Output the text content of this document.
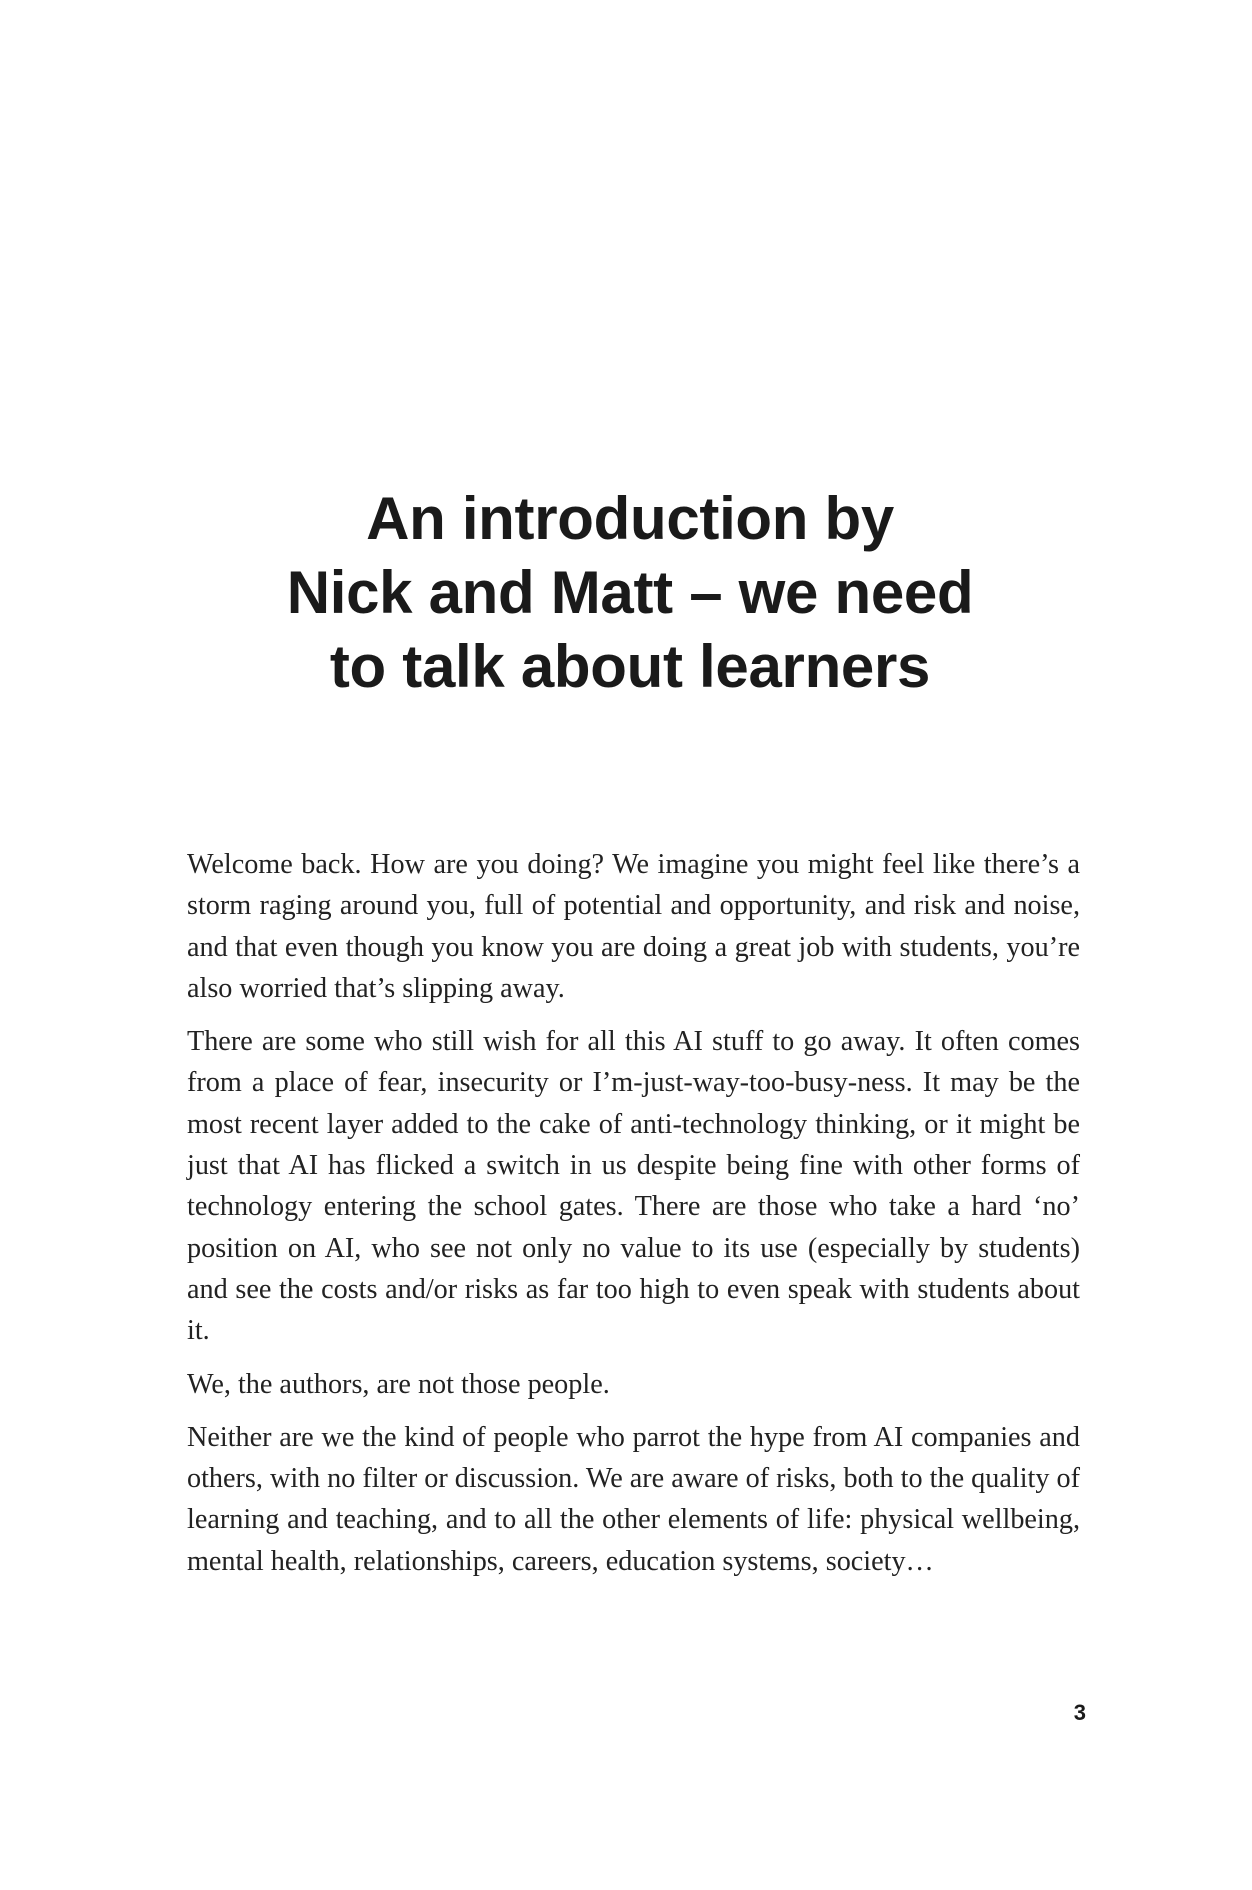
An introduction by
Nick and Matt – we need
to talk about learners

Welcome back. How are you doing? We imagine you might feel like there’s a storm raging around you, full of potential and opportunity, and risk and noise, and that even though you know you are doing a great job with students, you’re also worried that’s slipping away.

There are some who still wish for all this AI stuff to go away. It often comes from a place of fear, insecurity or I’m-just-way-too-busy-ness. It may be the most recent layer added to the cake of anti-technology thinking, or it might be just that AI has flicked a switch in us despite being fine with other forms of technology entering the school gates. There are those who take a hard ‘no’ position on AI, who see not only no value to its use (especially by students) and see the costs and/or risks as far too high to even speak with students about it.

We, the authors, are not those people.

Neither are we the kind of people who parrot the hype from AI companies and others, with no filter or discussion. We are aware of risks, both to the quality of learning and teaching, and to all the other elements of life: physical wellbeing, mental health, relationships, careers, education systems, society…

3
